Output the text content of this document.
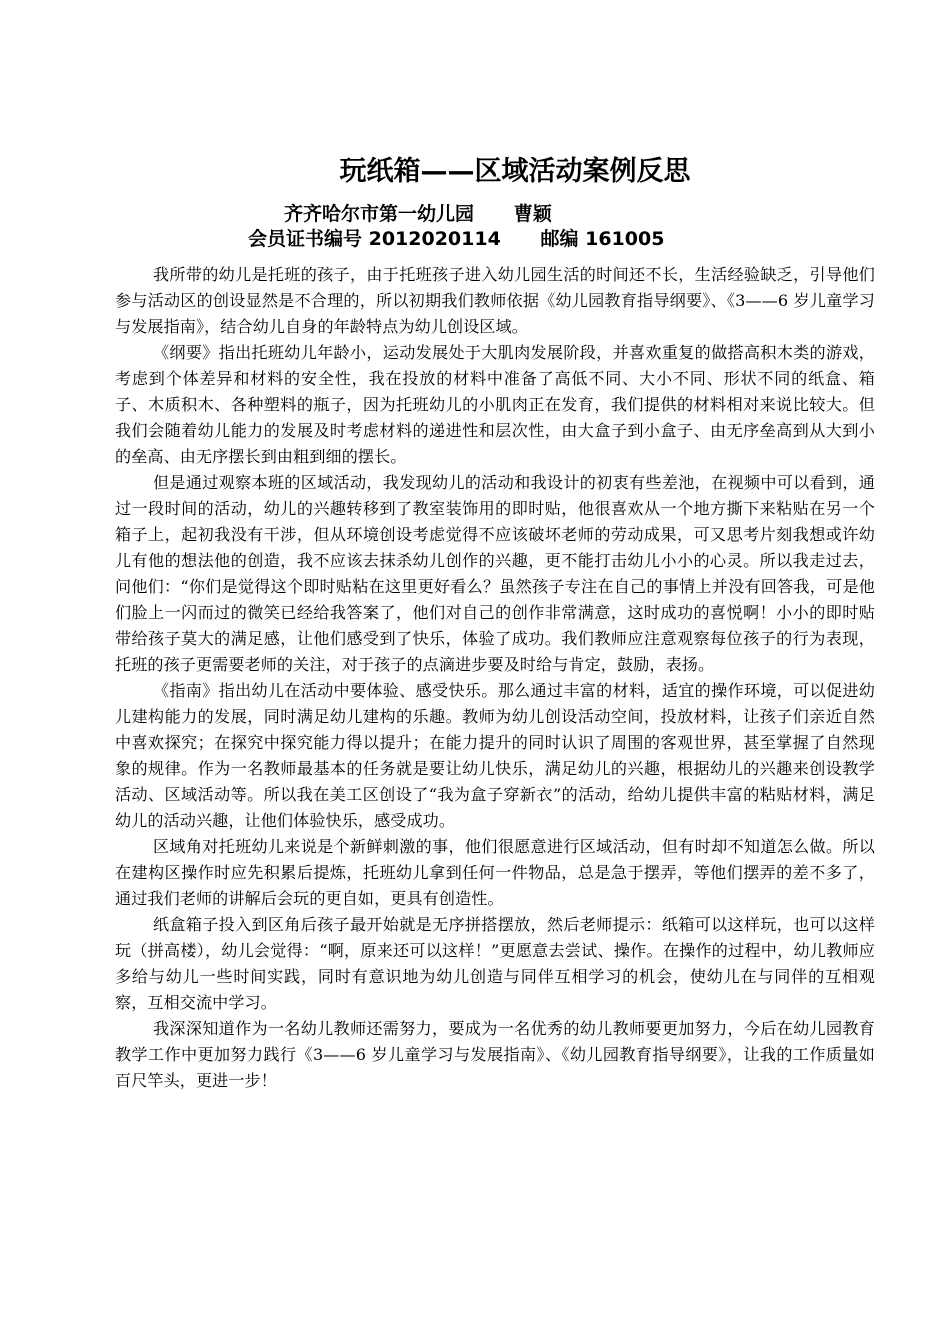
玩纸箱——区域活动案例反思
齐齐哈尔市第一幼儿园      曹颖
会员证书编号 2012020114      邮编 161005

我所带的幼儿是托班的孩子，由于托班孩子进入幼儿园生活的时间还不长，生活经验缺乏，引导他们参与活动区的创设显然是不合理的，所以初期我们教师依据《幼儿园教育指导纲要》、《3——6 岁儿童学习与发展指南》，结合幼儿自身的年龄特点为幼儿创设区域。

《纲要》指出托班幼儿年龄小，运动发展处于大肌肉发展阶段，并喜欢重复的做搭高积木类的游戏，考虑到个体差异和材料的安全性，我在投放的材料中准备了高低不同、大小不同、形状不同的纸盒、箱子、木质积木、各种塑料的瓶子，因为托班幼儿的小肌肉正在发育，我们提供的材料相对来说比较大。但我们会随着幼儿能力的发展及时考虑材料的递进性和层次性，由大盒子到小盒子、由无序垒高到从大到小的垒高、由无序摆长到由粗到细的摆长。

但是通过观察本班的区域活动，我发现幼儿的活动和我设计的初衷有些差池，在视频中可以看到，通过一段时间的活动，幼儿的兴趣转移到了教室装饰用的即时贴，他很喜欢从一个地方撕下来粘贴在另一个箱子上，起初我没有干涉，但从环境创设考虑觉得不应该破坏老师的劳动成果，可又思考片刻我想或许幼儿有他的想法他的创造，我不应该去抹杀幼儿创作的兴趣，更不能打击幼儿小小的心灵。所以我走过去，问他们：“你们是觉得这个即时贴粘在这里更好看么？虽然孩子专注在自己的事情上并没有回答我，可是他们脸上一闪而过的微笑已经给我答案了，他们对自己的创作非常满意，这时成功的喜悦啊！小小的即时贴带给孩子莫大的满足感，让他们感受到了快乐，体验了成功。我们教师应注意观察每位孩子的行为表现，托班的孩子更需要老师的关注，对于孩子的点滴进步要及时给与肯定，鼓励，表扬。

《指南》指出幼儿在活动中要体验、感受快乐。那么通过丰富的材料，适宜的操作环境，可以促进幼儿建构能力的发展，同时满足幼儿建构的乐趣。教师为幼儿创设活动空间，投放材料，让孩子们亲近自然中喜欢探究；在探究中探究能力得以提升；在能力提升的同时认识了周围的客观世界，甚至掌握了自然现象的规律。作为一名教师最基本的任务就是要让幼儿快乐，满足幼儿的兴趣，根据幼儿的兴趣来创设教学活动、区域活动等。所以我在美工区创设了“我为盒子穿新衣”的活动，给幼儿提供丰富的粘贴材料，满足幼儿的活动兴趣，让他们体验快乐，感受成功。

区域角对托班幼儿来说是个新鲜刺激的事，他们很愿意进行区域活动，但有时却不知道怎么做。所以在建构区操作时应先积累后提炼，托班幼儿拿到任何一件物品，总是急于摆弄，等他们摆弄的差不多了，通过我们老师的讲解后会玩的更自如，更具有创造性。

纸盒箱子投入到区角后孩子最开始就是无序拼搭摆放，然后老师提示：纸箱可以这样玩，也可以这样玩（拼高楼），幼儿会觉得：“啊，原来还可以这样！”更愿意去尝试、操作。在操作的过程中，幼儿教师应多给与幼儿一些时间实践，同时有意识地为幼儿创造与同伴互相学习的机会，使幼儿在与同伴的互相观察，互相交流中学习。

我深深知道作为一名幼儿教师还需努力，要成为一名优秀的幼儿教师要更加努力，今后在幼儿园教育教学工作中更加努力践行《3——6 岁儿童学习与发展指南》、《幼儿园教育指导纲要》，让我的工作质量如百尺竿头，更进一步！
